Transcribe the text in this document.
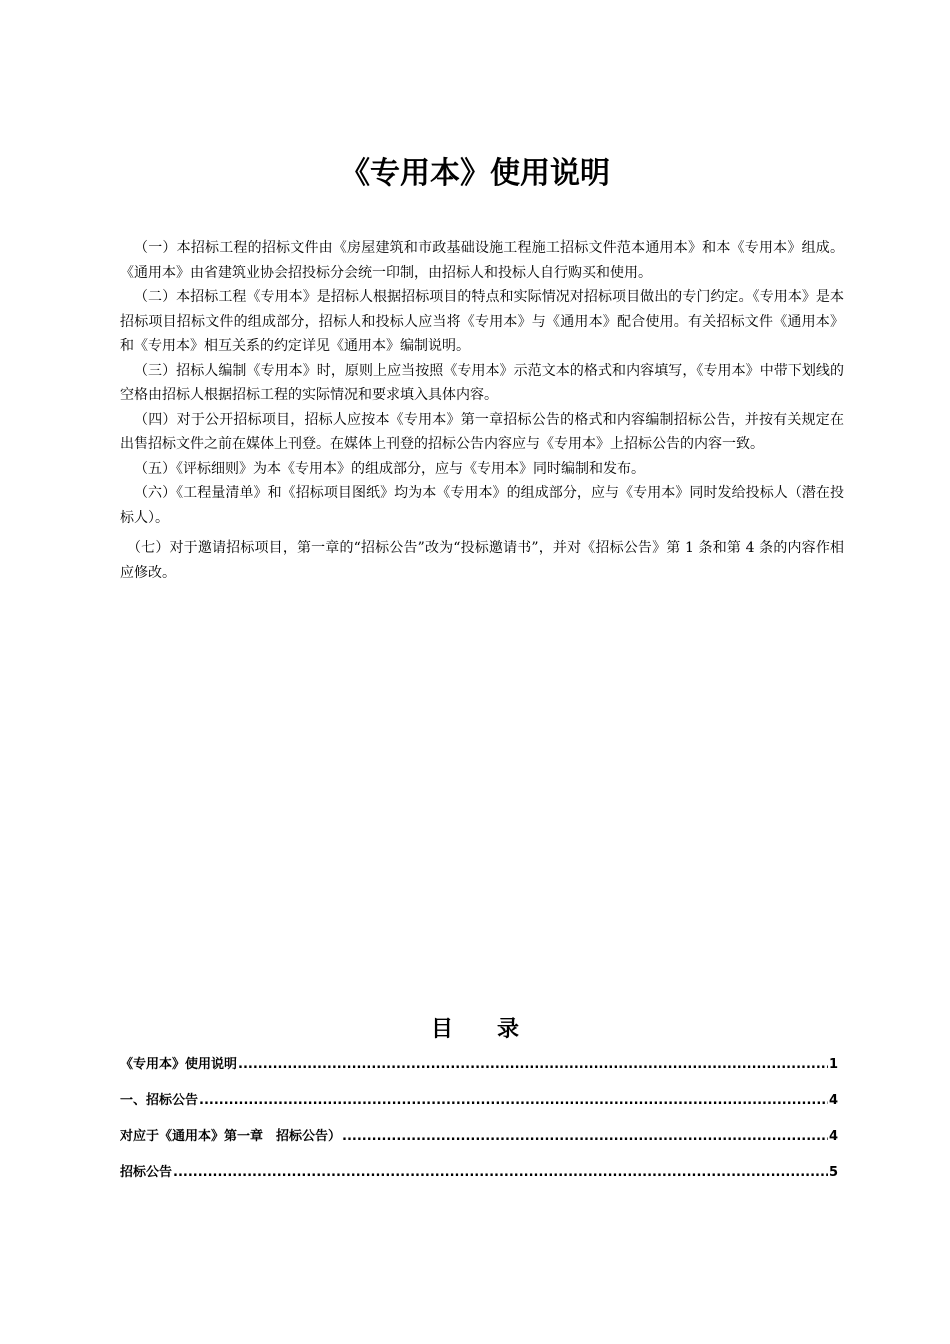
《专用本》使用说明

（一）本招标工程的招标文件由《房屋建筑和市政基础设施工程施工招标文件范本通用本》和本《专用本》组成。《通用本》由省建筑业协会招投标分会统一印制，由招标人和投标人自行购买和使用。

（二）本招标工程《专用本》是招标人根据招标项目的特点和实际情况对招标项目做出的专门约定。《专用本》是本招标项目招标文件的组成部分，招标人和投标人应当将《专用本》与《通用本》配合使用。有关招标文件《通用本》和《专用本》相互关系的约定详见《通用本》编制说明。

（三）招标人编制《专用本》时，原则上应当按照《专用本》示范文本的格式和内容填写，《专用本》中带下划线的空格由招标人根据招标工程的实际情况和要求填入具体内容。

（四）对于公开招标项目，招标人应按本《专用本》第一章招标公告的格式和内容编制招标公告，并按有关规定在出售招标文件之前在媒体上刊登。在媒体上刊登的招标公告内容应与《专用本》上招标公告的内容一致。

（五）《评标细则》为本《专用本》的组成部分，应与《专用本》同时编制和发布。

（六）《工程量清单》和《招标项目图纸》均为本《专用本》的组成部分，应与《专用本》同时发给投标人（潜在投标人）。

（七）对于邀请招标项目，第一章的“招标公告”改为“投标邀请书”，并对《招标公告》第 1 条和第 4 条的内容作相应修改。

目录
《专用本》使用说明 .....	1
一、招标公告 .....	4
对应于《通用本》第一章　招标公告） .....	4
招标公告 .....	5
